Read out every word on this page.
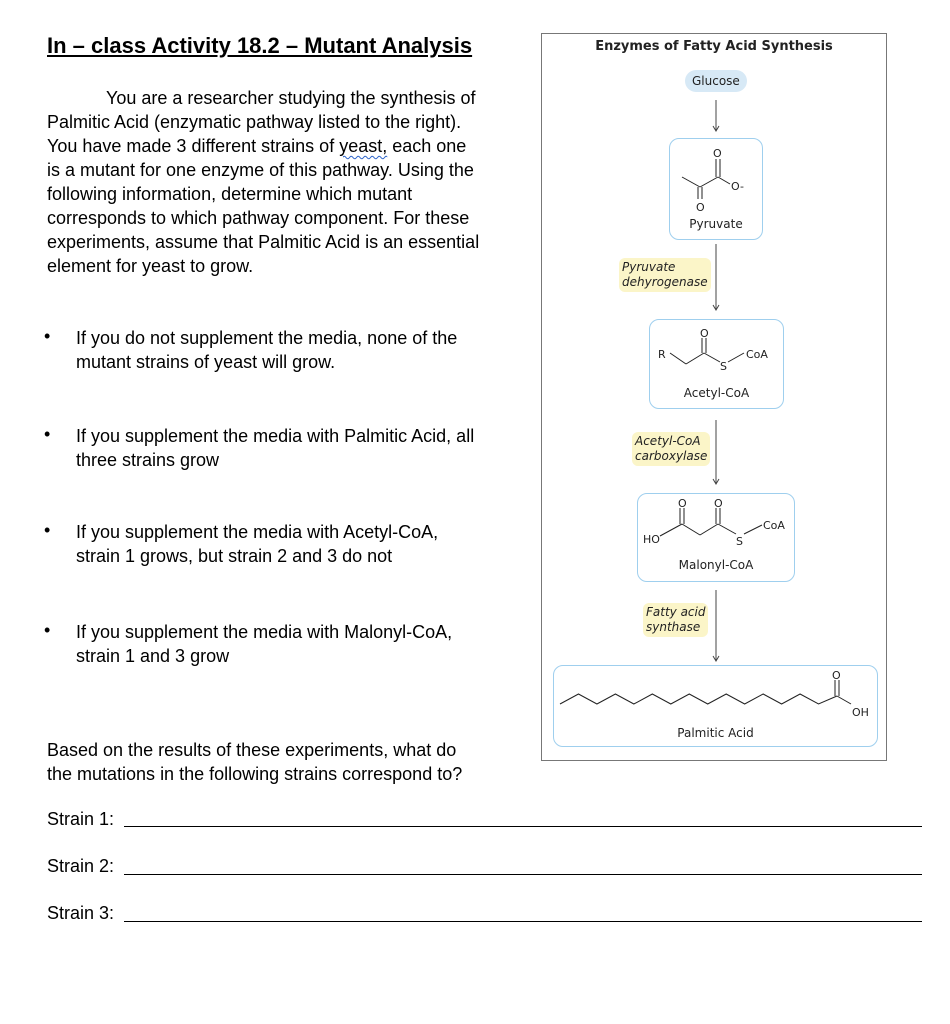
In – class Activity 18.2 – Mutant Analysis
You are a researcher studying the synthesis of
Palmitic Acid (enzymatic pathway listed to the right).
You have made 3 different strains of yeast, each one
is a mutant for one enzyme of this pathway. Using the
following information, determine which mutant
corresponds to which pathway component. For these
experiments, assume that Palmitic Acid is an essential
element for yeast to grow.
• If you do not supplement the media, none of the
mutant strains of yeast will grow.
• If you supplement the media with Palmitic Acid, all
three strains grow
• If you supplement the media with Acetyl-CoA,
strain 1 grows, but strain 2 and 3 do not
• If you supplement the media with Malonyl-CoA,
strain 1 and 3 grow
Based on the results of these experiments, what do
the mutations in the following strains correspond to?
Strain 1:
Strain 2:
Strain 3:
Enzymes of Fatty Acid Synthesis
Glucose
Pyruvate
dehyrogenase
Acetyl-CoA
carboxylase
Fatty acid
synthase
O
O
O-
Pyruvate
O
R
S
CoA
Acetyl-CoA
O O
HO	S
CoA
Malonyl-CoA
O
OH
Palmitic Acid
